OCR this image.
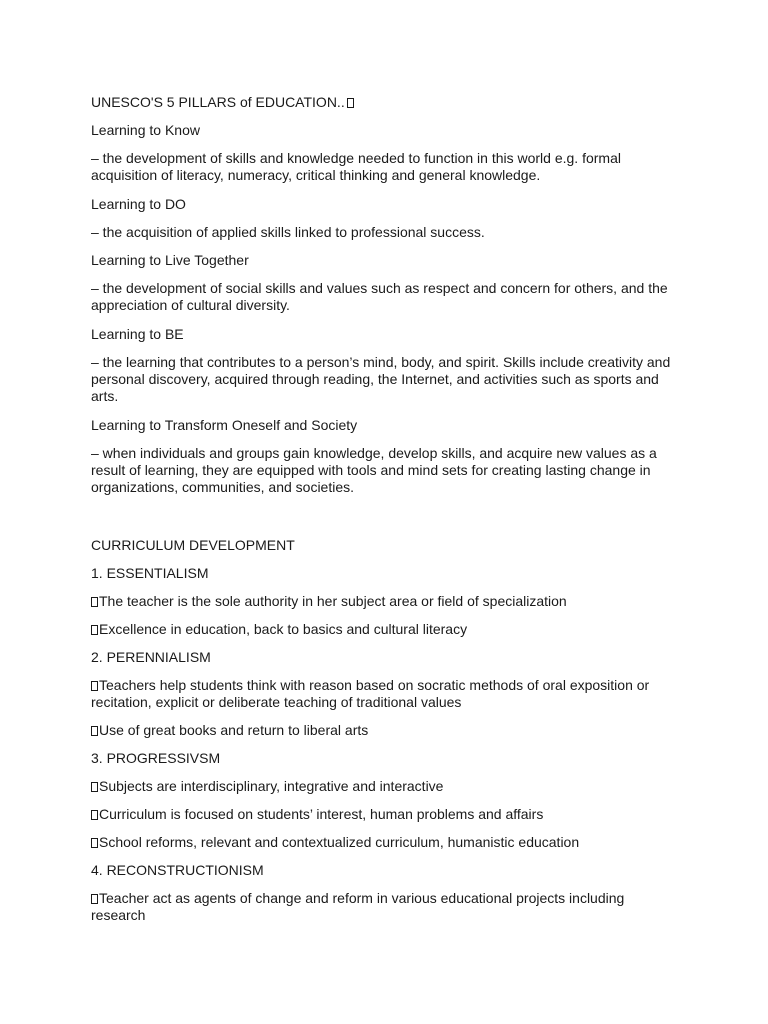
UNESCO'S 5 PILLARS of EDUCATION..
Learning to Know
– the development of skills and knowledge needed to function in this world e.g. formal acquisition of literacy, numeracy, critical thinking and general knowledge.
Learning to DO
– the acquisition of applied skills linked to professional success.
Learning to Live Together
– the development of social skills and values such as respect and concern for others, and the appreciation of cultural diversity.
Learning to BE
– the learning that contributes to a person’s mind, body, and spirit. Skills include creativity and personal discovery, acquired through reading, the Internet, and activities such as sports and arts.
Learning to Transform Oneself and Society
– when individuals and groups gain knowledge, develop skills, and acquire new values as a result of learning, they are equipped with tools and mind sets for creating lasting change in organizations, communities, and societies.
CURRICULUM DEVELOPMENT
1. ESSENTIALISM
The teacher is the sole authority in her subject area or field of specialization
Excellence in education, back to basics and cultural literacy
2. PERENNIALISM
Teachers help students think with reason based on socratic methods of oral exposition or recitation, explicit or deliberate teaching of traditional values
Use of great books and return to liberal arts
3. PROGRESSIVSM
Subjects are interdisciplinary, integrative and interactive
Curriculum is focused on students’ interest, human problems and affairs
School reforms, relevant and contextualized curriculum, humanistic education
4. RECONSTRUCTIONISM
Teacher act as agents of change and reform in various educational projects including research
